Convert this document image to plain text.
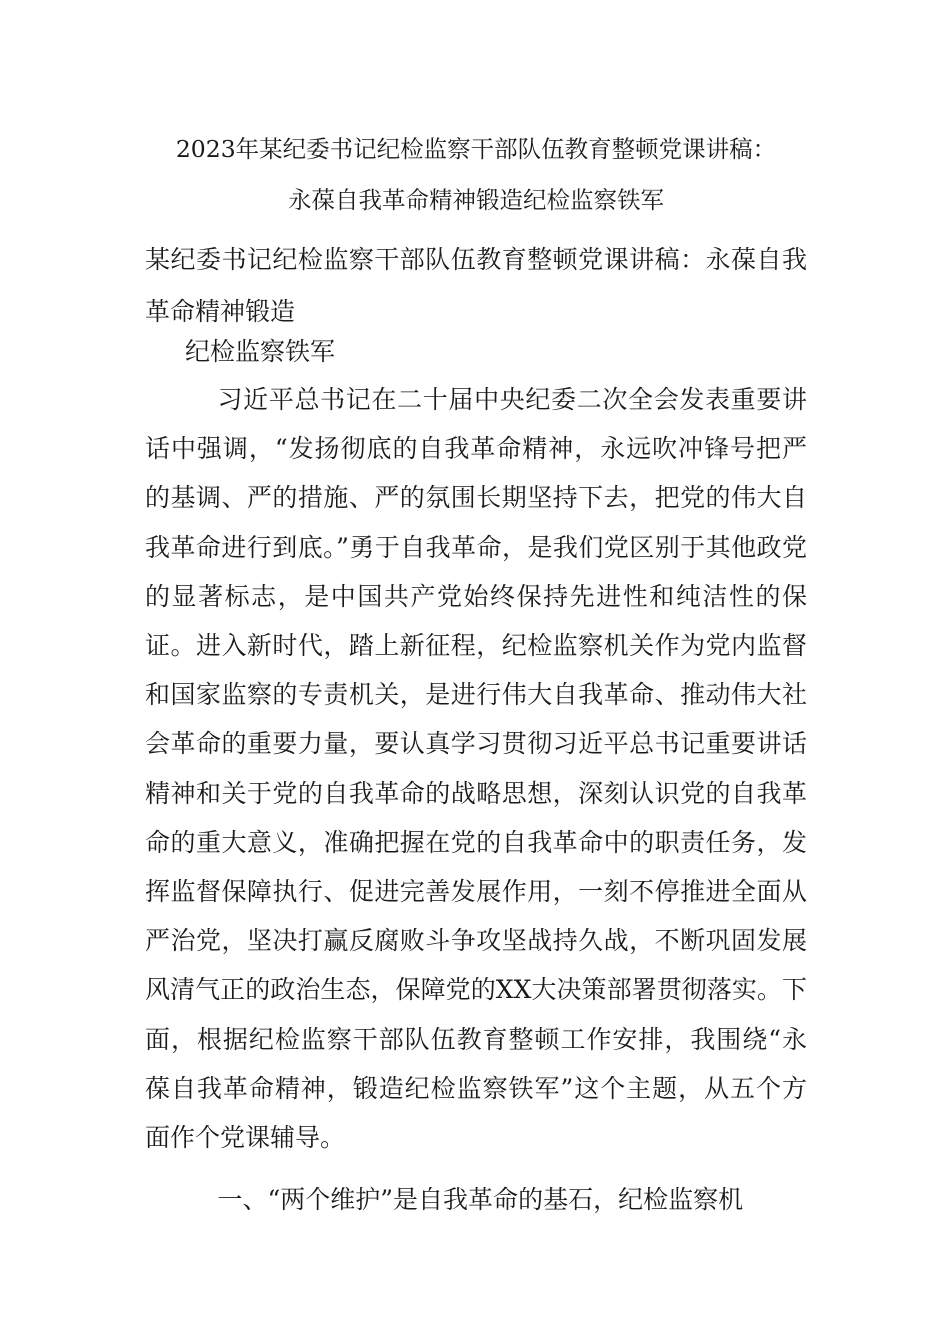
2023年某纪委书记纪检监察干部队伍教育整顿党课讲稿：
永葆自我革命精神锻造纪检监察铁军
某纪委书记纪检监察干部队伍教育整顿党课讲稿：永葆自我革命精神锻造
纪检监察铁军
习近平总书记在二十届中央纪委二次全会发表重要讲话中强调，“发扬彻底的自我革命精神，永远吹冲锋号把严的基调、严的措施、严的氛围长期坚持下去，把党的伟大自我革命进行到底。”勇于自我革命，是我们党区别于其他政党的显著标志，是中国共产党始终保持先进性和纯洁性的保证。进入新时代，踏上新征程，纪检监察机关作为党内监督和国家监察的专责机关，是进行伟大自我革命、推动伟大社会革命的重要力量，要认真学习贯彻习近平总书记重要讲话精神和关于党的自我革命的战略思想，深刻认识党的自我革命的重大意义，准确把握在党的自我革命中的职责任务，发挥监督保障执行、促进完善发展作用，一刻不停推进全面从严治党，坚决打赢反腐败斗争攻坚战持久战，不断巩固发展风清气正的政治生态，保障党的XX大决策部署贯彻落实。下面，根据纪检监察干部队伍教育整顿工作安排，我围绕“永葆自我革命精神，锻造纪检监察铁军”这个主题，从五个方面作个党课辅导。
一、“两个维护”是自我革命的基石，纪检监察机
